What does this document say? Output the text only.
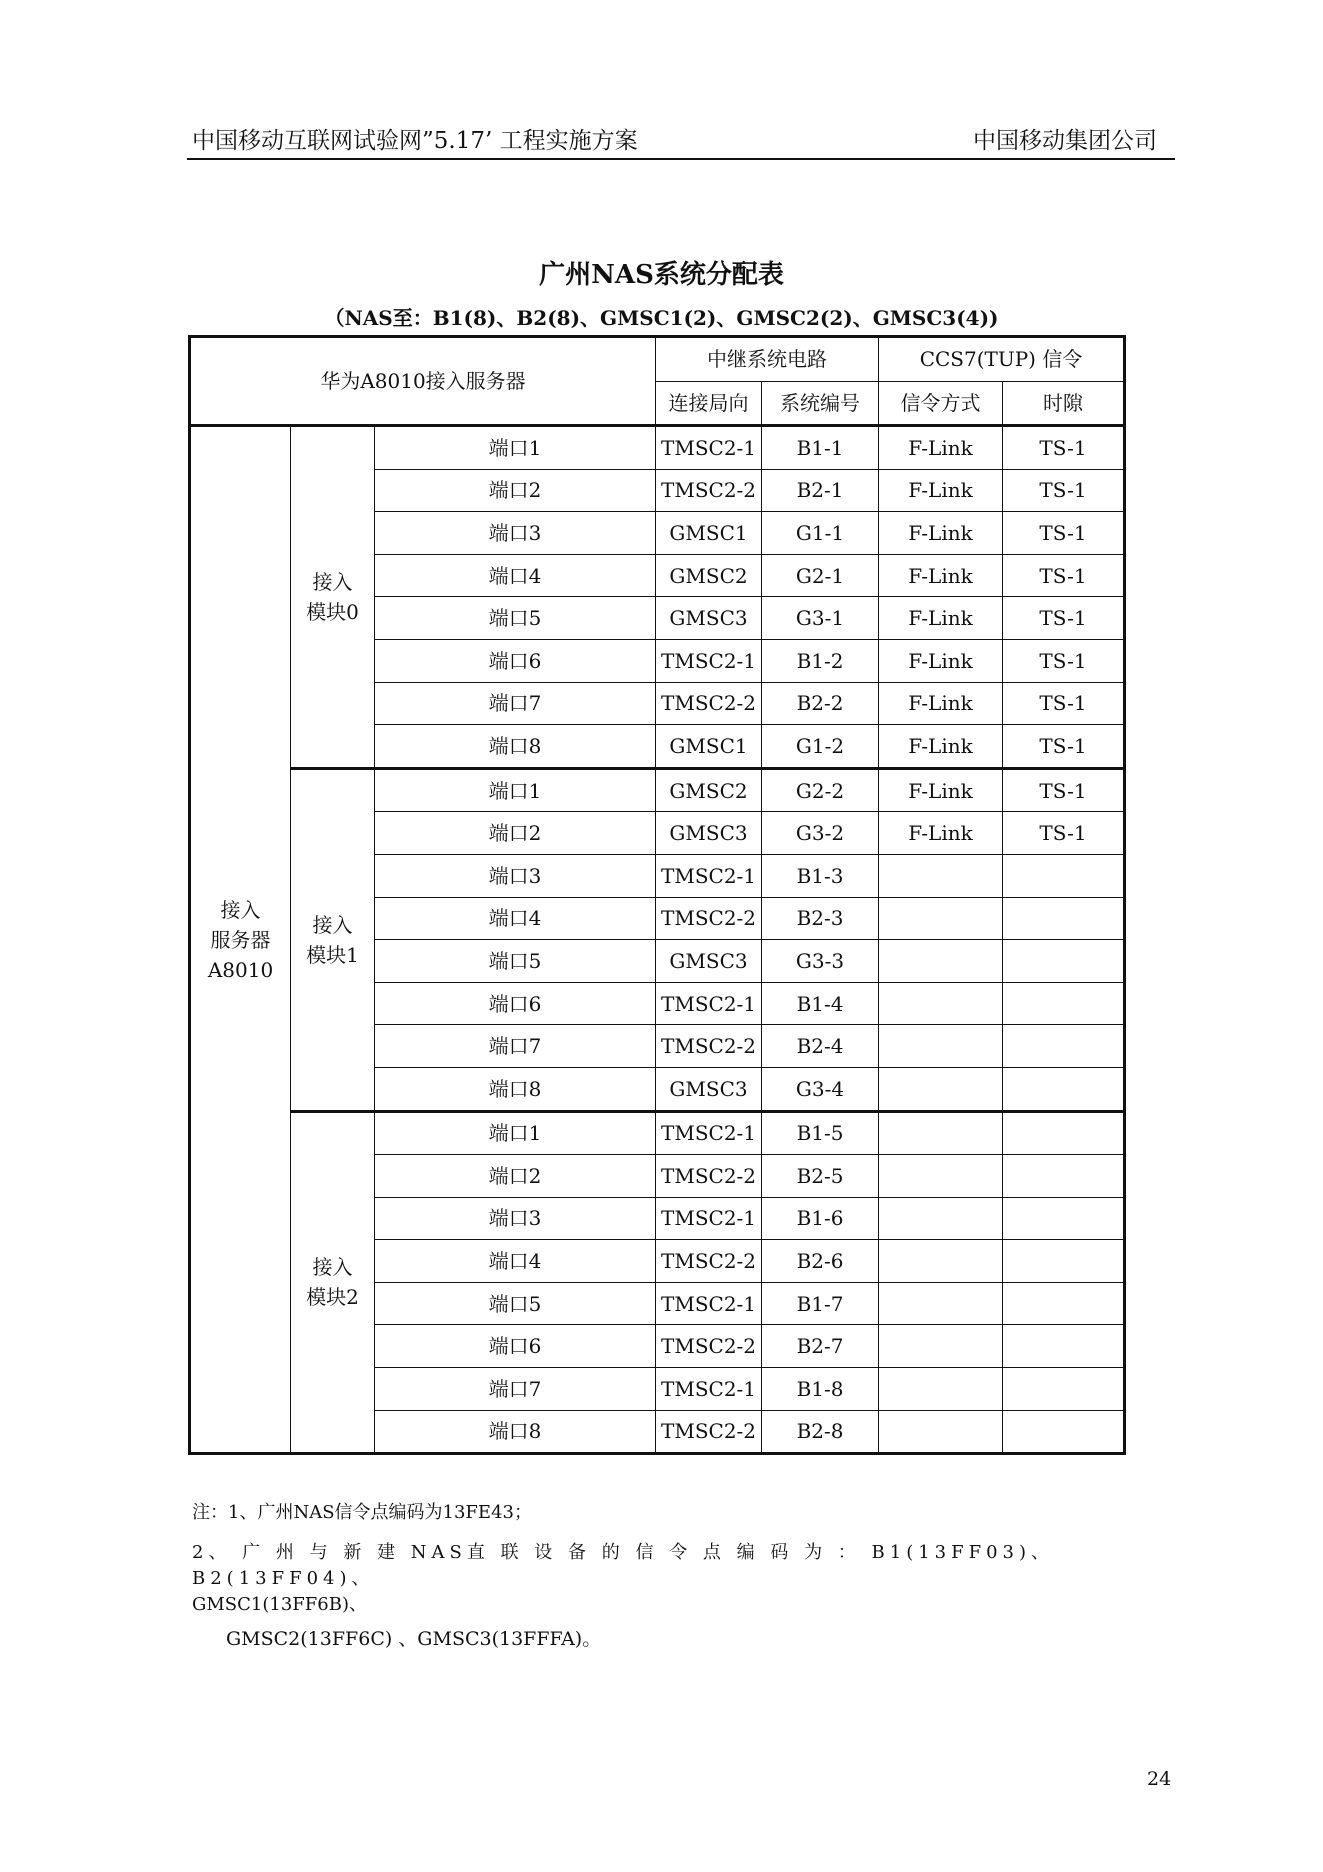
中国移动互联网试验网”5.17’ 工程实施方案	中国移动集团公司
广州NAS系统分配表
（NAS至：B1(8)、B2(8)、GMSC1(2)、GMSC2(2)、GMSC3(4))
华为A8010接入服务器			中继系统电路		CCS7(TUP) 信令	
			连接局向	系统编号	信令方式	时隙
接入
服务器
A8010	接入
模块0	端口1	TMSC2-1	B1-1	F-Link	TS-1
		端口2	TMSC2-2	B2-1	F-Link	TS-1
		端口3	GMSC1	G1-1	F-Link	TS-1
		端口4	GMSC2	G2-1	F-Link	TS-1
		端口5	GMSC3	G3-1	F-Link	TS-1
		端口6	TMSC2-1	B1-2	F-Link	TS-1
		端口7	TMSC2-2	B2-2	F-Link	TS-1
		端口8	GMSC1	G1-2	F-Link	TS-1
	接入
模块1	端口1	GMSC2	G2-2	F-Link	TS-1
		端口2	GMSC3	G3-2	F-Link	TS-1
		端口3	TMSC2-1	B1-3		
		端口4	TMSC2-2	B2-3		
		端口5	GMSC3	G3-3		
		端口6	TMSC2-1	B1-4		
		端口7	TMSC2-2	B2-4		
		端口8	GMSC3	G3-4		
	接入
模块2	端口1	TMSC2-1	B1-5		
		端口2	TMSC2-2	B2-5		
		端口3	TMSC2-1	B1-6		
		端口4	TMSC2-2	B2-6		
		端口5	TMSC2-1	B1-7		
		端口6	TMSC2-2	B2-7		
		端口7	TMSC2-1	B1-8		
		端口8	TMSC2-2	B2-8		

注：1、广州NAS信令点编码为13FE43；

2、 广 州 与 新 建 NAS直 联 设 备 的 信 令 点 编 码 为 ： B1(13FF03)、 B2(13FF04)、

GMSC1(13FF6B)、

GMSC2(13FF6C) 、GMSC3(13FFFA)。

24
